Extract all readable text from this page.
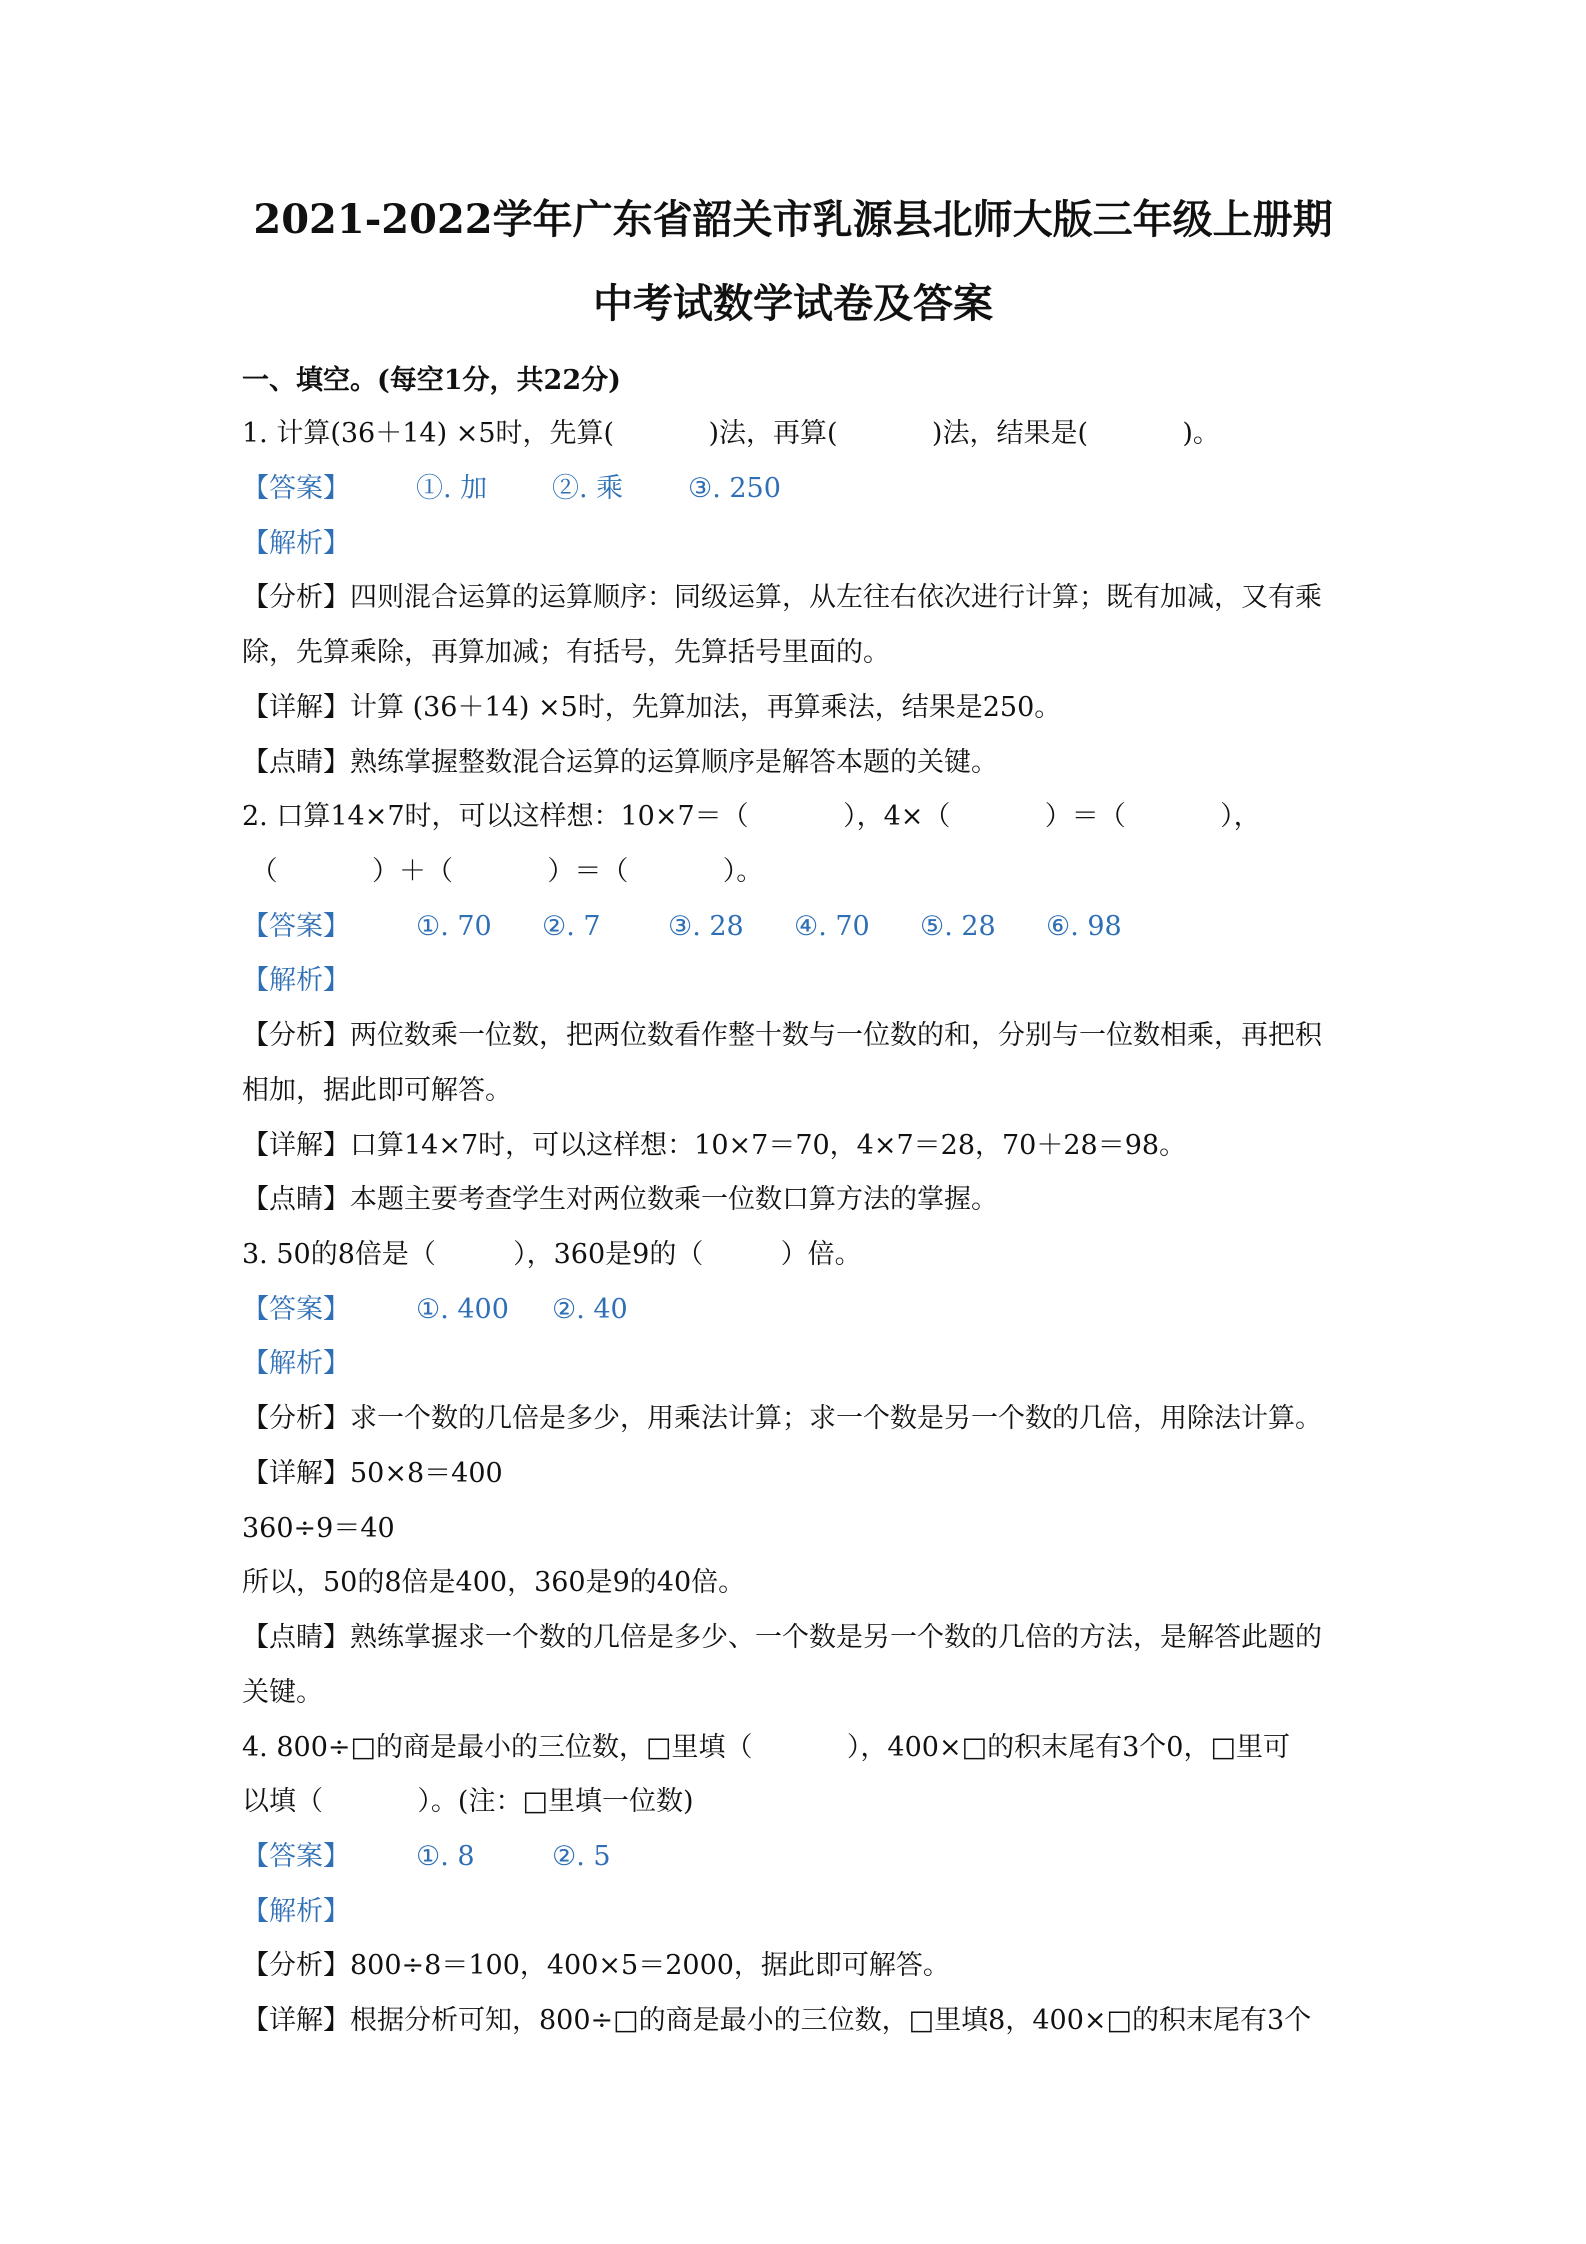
2021-2022学年广东省韶关市乳源县北师大版三年级上册期
中考试数学试卷及答案
一、填空。(每空1分，共22分)
1. 计算(36＋14) ×5时，先算(           )法，再算(           )法，结果是(           )。
【答案】 ①. 加 ②. 乘 ③. 250
【解析】
【分析】四则混合运算的运算顺序：同级运算，从左往右依次进行计算；既有加减，又有乘
除，先算乘除，再算加减；有括号，先算括号里面的。
【详解】计算 (36＋14) ×5时，先算加法，再算乘法，结果是250。
【点睛】熟练掌握整数混合运算的运算顺序是解答本题的关键。
2. 口算14×7时，可以这样想：10×7＝（           ），4×（           ）＝（           ），
（           ）＋（           ）＝（           ）。
【答案】 ①. 70 ②. 7 ③. 28 ④. 70 ⑤. 28 ⑥. 98
【解析】
【分析】两位数乘一位数，把两位数看作整十数与一位数的和，分别与一位数相乘，再把积
相加，据此即可解答。
【详解】口算14×7时，可以这样想：10×7＝70，4×7＝28，70＋28＝98。
【点睛】本题主要考查学生对两位数乘一位数口算方法的掌握。
3. 50的8倍是（         ），360是9的（         ）倍。
【答案】 ①. 400 ②. 40
【解析】
【分析】求一个数的几倍是多少，用乘法计算；求一个数是另一个数的几倍，用除法计算。
【详解】50×8＝400
360÷9＝40
所以，50的8倍是400，360是9的40倍。
【点睛】熟练掌握求一个数的几倍是多少、一个数是另一个数的几倍的方法，是解答此题的
关键。
4. 800÷□的商是最小的三位数，□里填（           ），400×□的积末尾有3个0，□里可
以填（           ）。(注：□里填一位数)
【答案】 ①. 8	②. 5
【解析】
【分析】800÷8＝100，400×5＝2000，据此即可解答。
【详解】根据分析可知，800÷□的商是最小的三位数，□里填8，400×□的积末尾有3个
